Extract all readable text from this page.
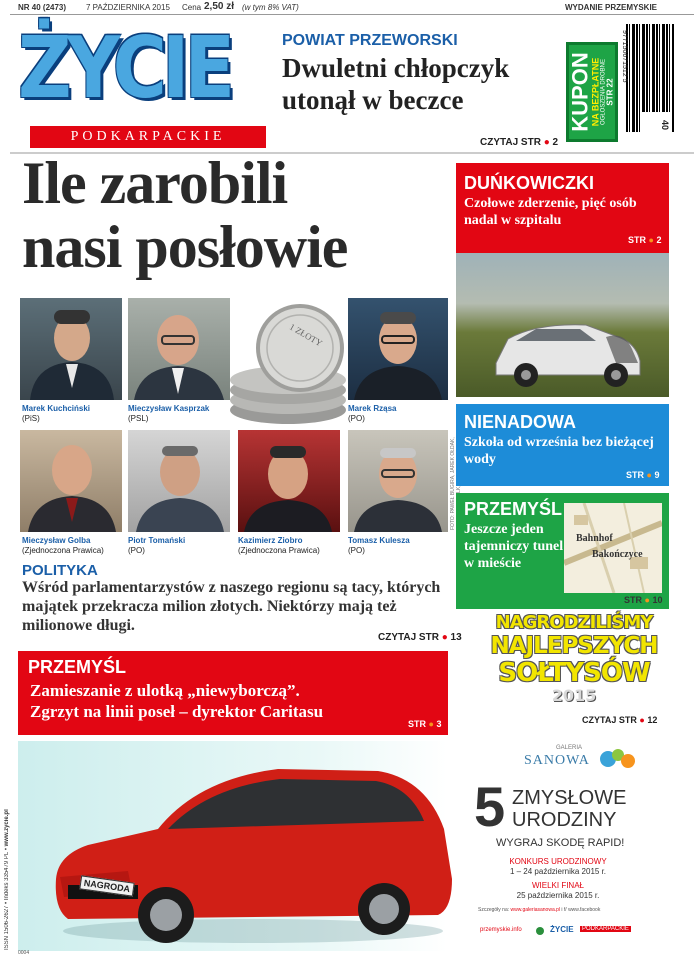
NR 40 (2473) 7 PAŹDZIERNIKA 2015 Cena 2,50 zł (w tym 8% VAT)	WYDANIE PRZEMYSKIE
ŻYCIE
PODKARPACKIE
POWIAT PRZEWORSKI
Dwuletni chłopczyk utonął w beczce
CZYTAJ STR ● 2
KUPON
NA BEZPŁATNE OGŁOSZENIA DROBNE STR 22
977150671512 5
40
Ile zarobili
nasi posłowie
1 ZŁOTY
Marek Kuchciński
(PiS)
Mieczysław Kasprzak
(PSL)
Marek Rząsa
(PO)
FOTO: PAWEŁ BUGIRA, JAREK OŁDAK,
Mieczysław Golba
(Zjednoczona Prawica)
Piotr Tomański
(PO)
Kazimierz Ziobro
(Zjednoczona Prawica)
Tomasz Kulesza
(PO)
POLITYKA
Wśród parlamentarzystów z naszego regionu są tacy, których majątek przekracza milion złotych. Niektórzy mają też milionowe długi.
CZYTAJ STR ● 13
DUŃKOWICZKI
Czołowe zderzenie, pięć osób nadal w szpitalu
STR ● 2
NIENADOWA
Szkoła od września bez bieżącej wody
STR ● 9
PRZEMYŚL
Jeszcze jeden tajemniczy tunel w mieście
Bahnhof
Bakończyce
STR ● 10
NAGRODZILIŚMY
NAJLEPSZYCH
SOŁTYSÓW
2015
CZYTAJ STR ● 12
PRZEMYŚL
Zamieszanie z ulotką „niewyborczą”.
Zgrzyt na linii poseł – dyrektor Caritasu
STR ● 3
NAGRODA
GALERIA
SANOWA
5 ZMYSŁOWE
URODZINY
WYGRAJ SKODĘ RAPID!
KONKURS URODZINOWY
1 – 24 października 2015 r.
WIELKI FINAŁ
25 października 2015 r.
Szczegóły na: www.galeriasanowa.pl i f/ www.facebook
przemyskie.info	ŻYCIE	PODKARPACKIE
ISSN 1506-2627 • Indeks 335479 PL • www.zycie.pl
0004
